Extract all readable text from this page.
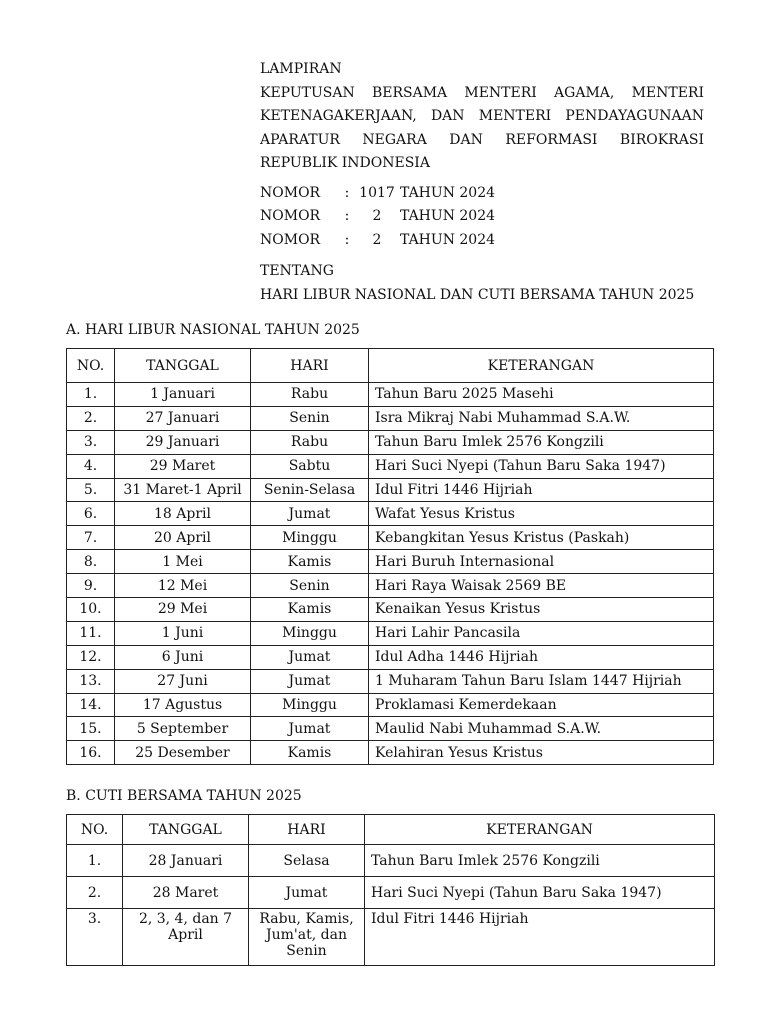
LAMPIRAN
KEPUTUSAN BERSAMA MENTERI AGAMA, MENTERI
KETENAGAKERJAAN, DAN MENTERI PENDAYAGUNAAN
APARATUR NEGARA DAN REFORMASI BIROKRASI
REPUBLIK INDONESIA
NOMOR : 1017 TAHUN 2024
NOMOR : 2 TAHUN 2024
NOMOR : 2 TAHUN 2024
TENTANG
HARI LIBUR NASIONAL DAN CUTI BERSAMA TAHUN 2025
A. HARI LIBUR NASIONAL TAHUN 2025
NO.	TANGGAL	HARI	KETERANGAN
1.	1 Januari	Rabu	Tahun Baru 2025 Masehi
2.	27 Januari	Senin	Isra Mikraj Nabi Muhammad S.A.W.
3.	29 Januari	Rabu	Tahun Baru Imlek 2576 Kongzili
4.	29 Maret	Sabtu	Hari Suci Nyepi (Tahun Baru Saka 1947)
5.	31 Maret-1 April	Senin-Selasa	Idul Fitri 1446 Hijriah
6.	18 April	Jumat	Wafat Yesus Kristus
7.	20 April	Minggu	Kebangkitan Yesus Kristus (Paskah)
8.	1 Mei	Kamis	Hari Buruh Internasional
9.	12 Mei	Senin	Hari Raya Waisak 2569 BE
10.	29 Mei	Kamis	Kenaikan Yesus Kristus
11.	1 Juni	Minggu	Hari Lahir Pancasila
12.	6 Juni	Jumat	Idul Adha 1446 Hijriah
13.	27 Juni	Jumat	1 Muharam Tahun Baru Islam 1447 Hijriah
14.	17 Agustus	Minggu	Proklamasi Kemerdekaan
15.	5 September	Jumat	Maulid Nabi Muhammad S.A.W.
16.	25 Desember	Kamis	Kelahiran Yesus Kristus
B. CUTI BERSAMA TAHUN 2025
NO.	TANGGAL	HARI	KETERANGAN
1.	28 Januari	Selasa	Tahun Baru Imlek 2576 Kongzili
2.	28 Maret	Jumat	Hari Suci Nyepi (Tahun Baru Saka 1947)
3.	2, 3, 4, dan 7 April	Rabu, Kamis, Jum'at, dan Senin	Idul Fitri 1446 Hijriah
